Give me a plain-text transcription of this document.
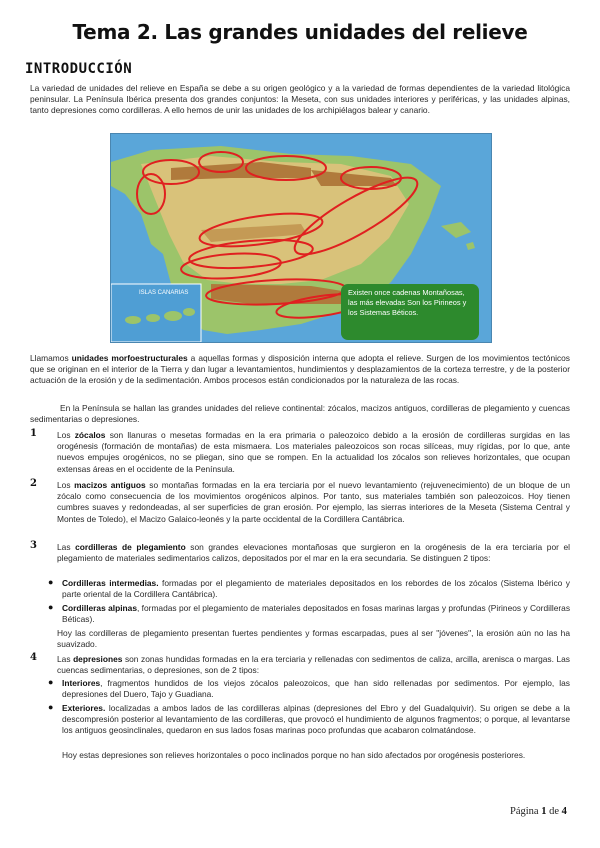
Tema 2. Las grandes unidades del relieve
INTRODUCCIÓN
La variedad de unidades del relieve en España se debe a su origen geológico y a la variedad de formas dependientes de la variedad litológica peninsular. La Península Ibérica presenta dos grandes conjuntos: la Meseta, con sus unidades interiores y periféricas, y las unidades alpinas, tanto depresiones como cordilleras. A ello hemos de unir las unidades de los archipiélagos balear y canario.
ISLAS CANARIAS	Existen once cadenas Montañosas, las más elevadas Son los Pirineos y los Sistemas Béticos.
Llamamos unidades morfoestructurales a aquellas formas y disposición interna que adopta el relieve. Surgen de los movimientos tectónicos que se originan en el interior de la Tierra y dan lugar a levantamientos, hundimientos y desplazamientos de la corteza terrestre, y de la posterior actuación de la erosión y de la sedimentación. Ambos procesos están condicionados por la naturaleza de las rocas.
En la Península se hallan las grandes unidades del relieve continental: zócalos, macizos antiguos, cordilleras de plegamiento y cuencas sedimentarias o depresiones.
1 Los zócalos son llanuras o mesetas formadas en la era primaria o paleozoico debido a la erosión de cordilleras surgidas en las orogénesis (formación de montañas) de esta mismaera. Los materiales paleozoicos son rocas silíceas, muy rígidas, por lo que, ante nuevos empujes orogénicos, no se pliegan, sino que se rompen. En la actualidad los zócalos son relieves horizontales, que ocupan extensas áreas en el occidente de la Península.
2 Los macizos antiguos so montañas formadas en la era terciaria por el nuevo levantamiento (rejuvenecimiento) de un bloque de un zócalo como consecuencia de los movimientos orogénicos alpinos. Por tanto, sus materiales también son paleozoicos. Hoy tienen cumbres suaves y redondeadas, al ser superficies de gran erosión. Por ejemplo, las sierras interiores de la Meseta (Sistema Central y Montes de Toledo), el Macizo Galaico-leonés y la parte occidental de la Cordillera Cantábrica.
3 Las cordilleras de plegamiento son grandes elevaciones montañosas que surgieron en la orogénesis de la era terciaria por el plegamiento de materiales sedimentarios calizos, depositados por el mar en la era secundaria. Se distinguen 2 tipos:
● Cordilleras intermedias. formadas por el plegamiento de materiales depositados en los rebordes de los zócalos (Sistema Ibérico y parte oriental de la Cordillera Cantábrica).
● Cordilleras alpinas, formadas por el plegamiento de materiales depositados en fosas marinas largas y profundas (Pirineos y Cordilleras Béticas).
Hoy las cordilleras de plegamiento presentan fuertes pendientes y formas escarpadas, pues al ser "jóvenes", la erosión aún no las ha suavizado.
4 Las depresiones son zonas hundidas formadas en la era terciaria y rellenadas con sedimentos de caliza, arcilla, arenisca o margas. Las cuencas sedimentarias, o depresiones, son de 2 tipos:
● Interiores, fragmentos hundidos de los viejos zócalos paleozoicos, que han sido rellenadas por sedimentos. Por ejemplo, las depresiones del Duero, Tajo y Guadiana.
● Exteriores. localizadas a ambos lados de las cordilleras alpinas (depresiones del Ebro y del Guadalquivir). Su origen se debe a la descompresión posterior al levantamiento de las cordilleras, que provocó el hundimiento de algunos fragmentos; o porque, al levantarse los antiguos geosinclinales, quedaron en sus lados fosas marinas poco profundas que acabaron colmatándose.
Hoy estas depresiones son relieves horizontales o poco inclinados porque no han sido afectados por orogénesis posteriores.
Página 1 de 4
